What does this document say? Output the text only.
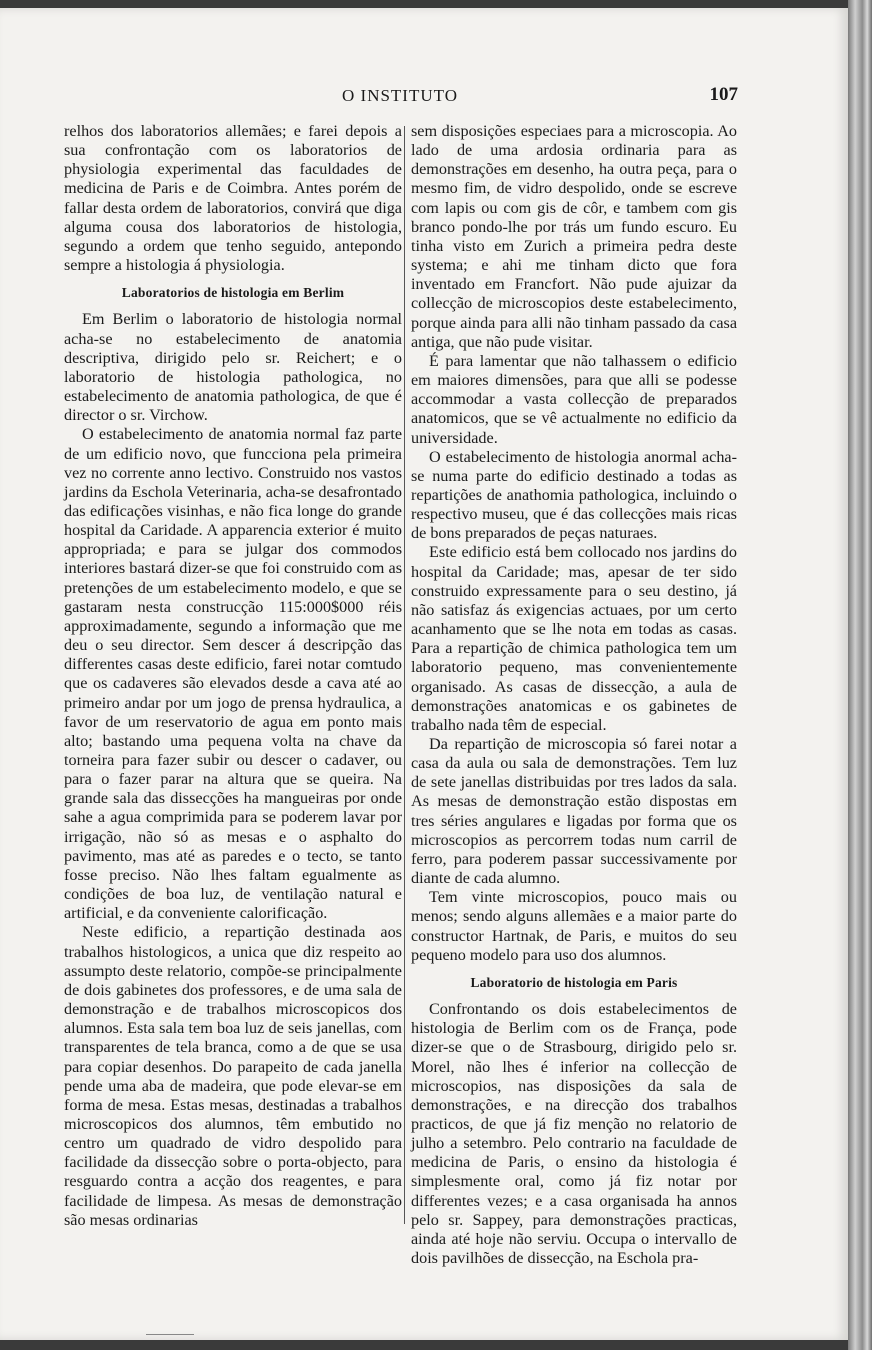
O INSTITUTO	107

relhos dos laboratorios allemães; e farei depois a sua confrontação com os laboratorios de physiologia experimental das faculdades de medicina de Paris e de Coimbra. Antes porém de fallar desta ordem de laboratorios, convirá que diga alguma cousa dos laboratorios de histologia, segundo a ordem que tenho seguido, antepondo sempre a histologia á physiologia.

Laboratorios de histologia em Berlim

Em Berlim o laboratorio de histologia normal acha-se no estabelecimento de anatomia descriptiva, dirigido pelo sr. Reichert; e o laboratorio de histologia pathologica, no estabelecimento de anatomia pathologica, de que é director o sr. Virchow.

O estabelecimento de anatomia normal faz parte de um edificio novo, que funcciona pela primeira vez no corrente anno lectivo. Construido nos vastos jardins da Eschola Veterinaria, acha-se desafrontado das edificações visinhas, e não fica longe do grande hospital da Caridade. A apparencia exterior é muito appropriada; e para se julgar dos commodos interiores bastará dizer-se que foi construido com as pretenções de um estabelecimento modelo, e que se gastaram nesta construcção 115:000$000 réis approximadamente, segundo a informação que me deu o seu director. Sem descer á descripção das differentes casas deste edificio, farei notar comtudo que os cadaveres são elevados desde a cava até ao primeiro andar por um jogo de prensa hydraulica, a favor de um reservatorio de agua em ponto mais alto; bastando uma pequena volta na chave da torneira para fazer subir ou descer o cadaver, ou para o fazer parar na altura que se queira. Na grande sala das dissecções ha mangueiras por onde sahe a agua comprimida para se poderem lavar por irrigação, não só as mesas e o asphalto do pavimento, mas até as paredes e o tecto, se tanto fosse preciso. Não lhes faltam egualmente as condições de boa luz, de ventilação natural e artificial, e da conveniente calorificação.

Neste edificio, a repartição destinada aos trabalhos histologicos, a unica que diz respeito ao assumpto deste relatorio, compõe-se principalmente de dois gabinetes dos professores, e de uma sala de demonstração e de trabalhos microscopicos dos alumnos. Esta sala tem boa luz de seis janellas, com transparentes de tela branca, como a de que se usa para copiar desenhos. Do parapeito de cada janella pende uma aba de madeira, que pode elevar-se em forma de mesa. Estas mesas, destinadas a trabalhos microscopicos dos alumnos, têm embutido no centro um quadrado de vidro despolido para facilidade da dissecção sobre o porta-objecto, para resguardo contra a acção dos reagentes, e para facilidade de limpesa. As mesas de demonstração são mesas ordinarias

sem disposições especiaes para a microscopia. Ao lado de uma ardosia ordinaria para as demonstrações em desenho, ha outra peça, para o mesmo fim, de vidro despolido, onde se escreve com lapis ou com gis de côr, e tambem com gis branco pondo-lhe por trás um fundo escuro. Eu tinha visto em Zurich a primeira pedra deste systema; e ahi me tinham dicto que fora inventado em Francfort. Não pude ajuizar da collecção de microscopios deste estabelecimento, porque ainda para alli não tinham passado da casa antiga, que não pude visitar.

É para lamentar que não talhassem o edificio em maiores dimensões, para que alli se podesse accommodar a vasta collecção de preparados anatomicos, que se vê actualmente no edificio da universidade.

O estabelecimento de histologia anormal acha-se numa parte do edificio destinado a todas as repartições de anathomia pathologica, incluindo o respectivo museu, que é das collecções mais ricas de bons preparados de peças naturaes.

Este edificio está bem collocado nos jardins do hospital da Caridade; mas, apesar de ter sido construido expressamente para o seu destino, já não satisfaz ás exigencias actuaes, por um certo acanhamento que se lhe nota em todas as casas. Para a repartição de chimica pathologica tem um laboratorio pequeno, mas convenientemente organisado. As casas de dissecção, a aula de demonstrações anatomicas e os gabinetes de trabalho nada têm de especial.

Da repartição de microscopia só farei notar a casa da aula ou sala de demonstrações. Tem luz de sete janellas distribuidas por tres lados da sala. As mesas de demonstração estão dispostas em tres séries angulares e ligadas por forma que os microscopios as percorrem todas num carril de ferro, para poderem passar successivamente por diante de cada alumno.

Tem vinte microscopios, pouco mais ou menos; sendo alguns allemães e a maior parte do constructor Hartnak, de Paris, e muitos do seu pequeno modelo para uso dos alumnos.

Laboratorio de histologia em Paris

Confrontando os dois estabelecimentos de histologia de Berlim com os de França, pode dizer-se que o de Strasbourg, dirigido pelo sr. Morel, não lhes é inferior na collecção de microscopios, nas disposições da sala de demonstrações, e na direcção dos trabalhos practicos, de que já fiz menção no relatorio de julho a setembro. Pelo contrario na faculdade de medicina de Paris, o ensino da histologia é simplesmente oral, como já fiz notar por differentes vezes; e a casa organisada ha annos pelo sr. Sappey, para demonstrações practicas, ainda até hoje não serviu. Occupa o intervallo de dois pavilhões de dissecção, na Eschola pra-
